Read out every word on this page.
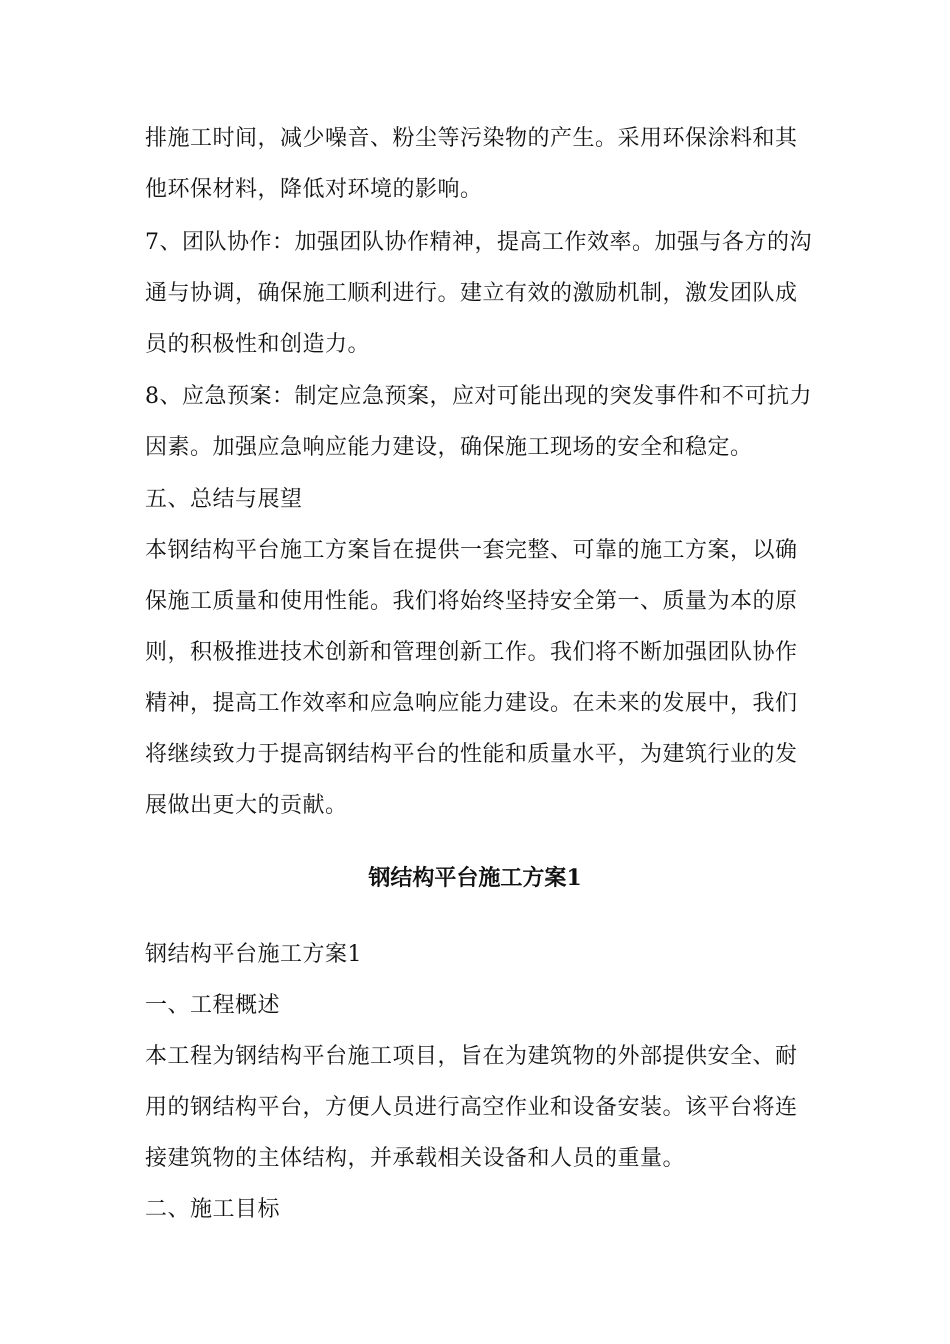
排施工时间，减少噪音、粉尘等污染物的产生。采用环保涂料和其
他环保材料，降低对环境的影响。
7、团队协作：加强团队协作精神，提高工作效率。加强与各方的沟
通与协调，确保施工顺利进行。建立有效的激励机制，激发团队成
员的积极性和创造力。
8、应急预案：制定应急预案，应对可能出现的突发事件和不可抗力
因素。加强应急响应能力建设，确保施工现场的安全和稳定。
五、总结与展望
本钢结构平台施工方案旨在提供一套完整、可靠的施工方案，以确
保施工质量和使用性能。我们将始终坚持安全第一、质量为本的原
则，积极推进技术创新和管理创新工作。我们将不断加强团队协作
精神，提高工作效率和应急响应能力建设。在未来的发展中，我们
将继续致力于提高钢结构平台的性能和质量水平，为建筑行业的发
展做出更大的贡献。
钢结构平台施工方案1
钢结构平台施工方案1
一、工程概述
本工程为钢结构平台施工项目，旨在为建筑物的外部提供安全、耐
用的钢结构平台，方便人员进行高空作业和设备安装。该平台将连
接建筑物的主体结构，并承载相关设备和人员的重量。
二、施工目标
